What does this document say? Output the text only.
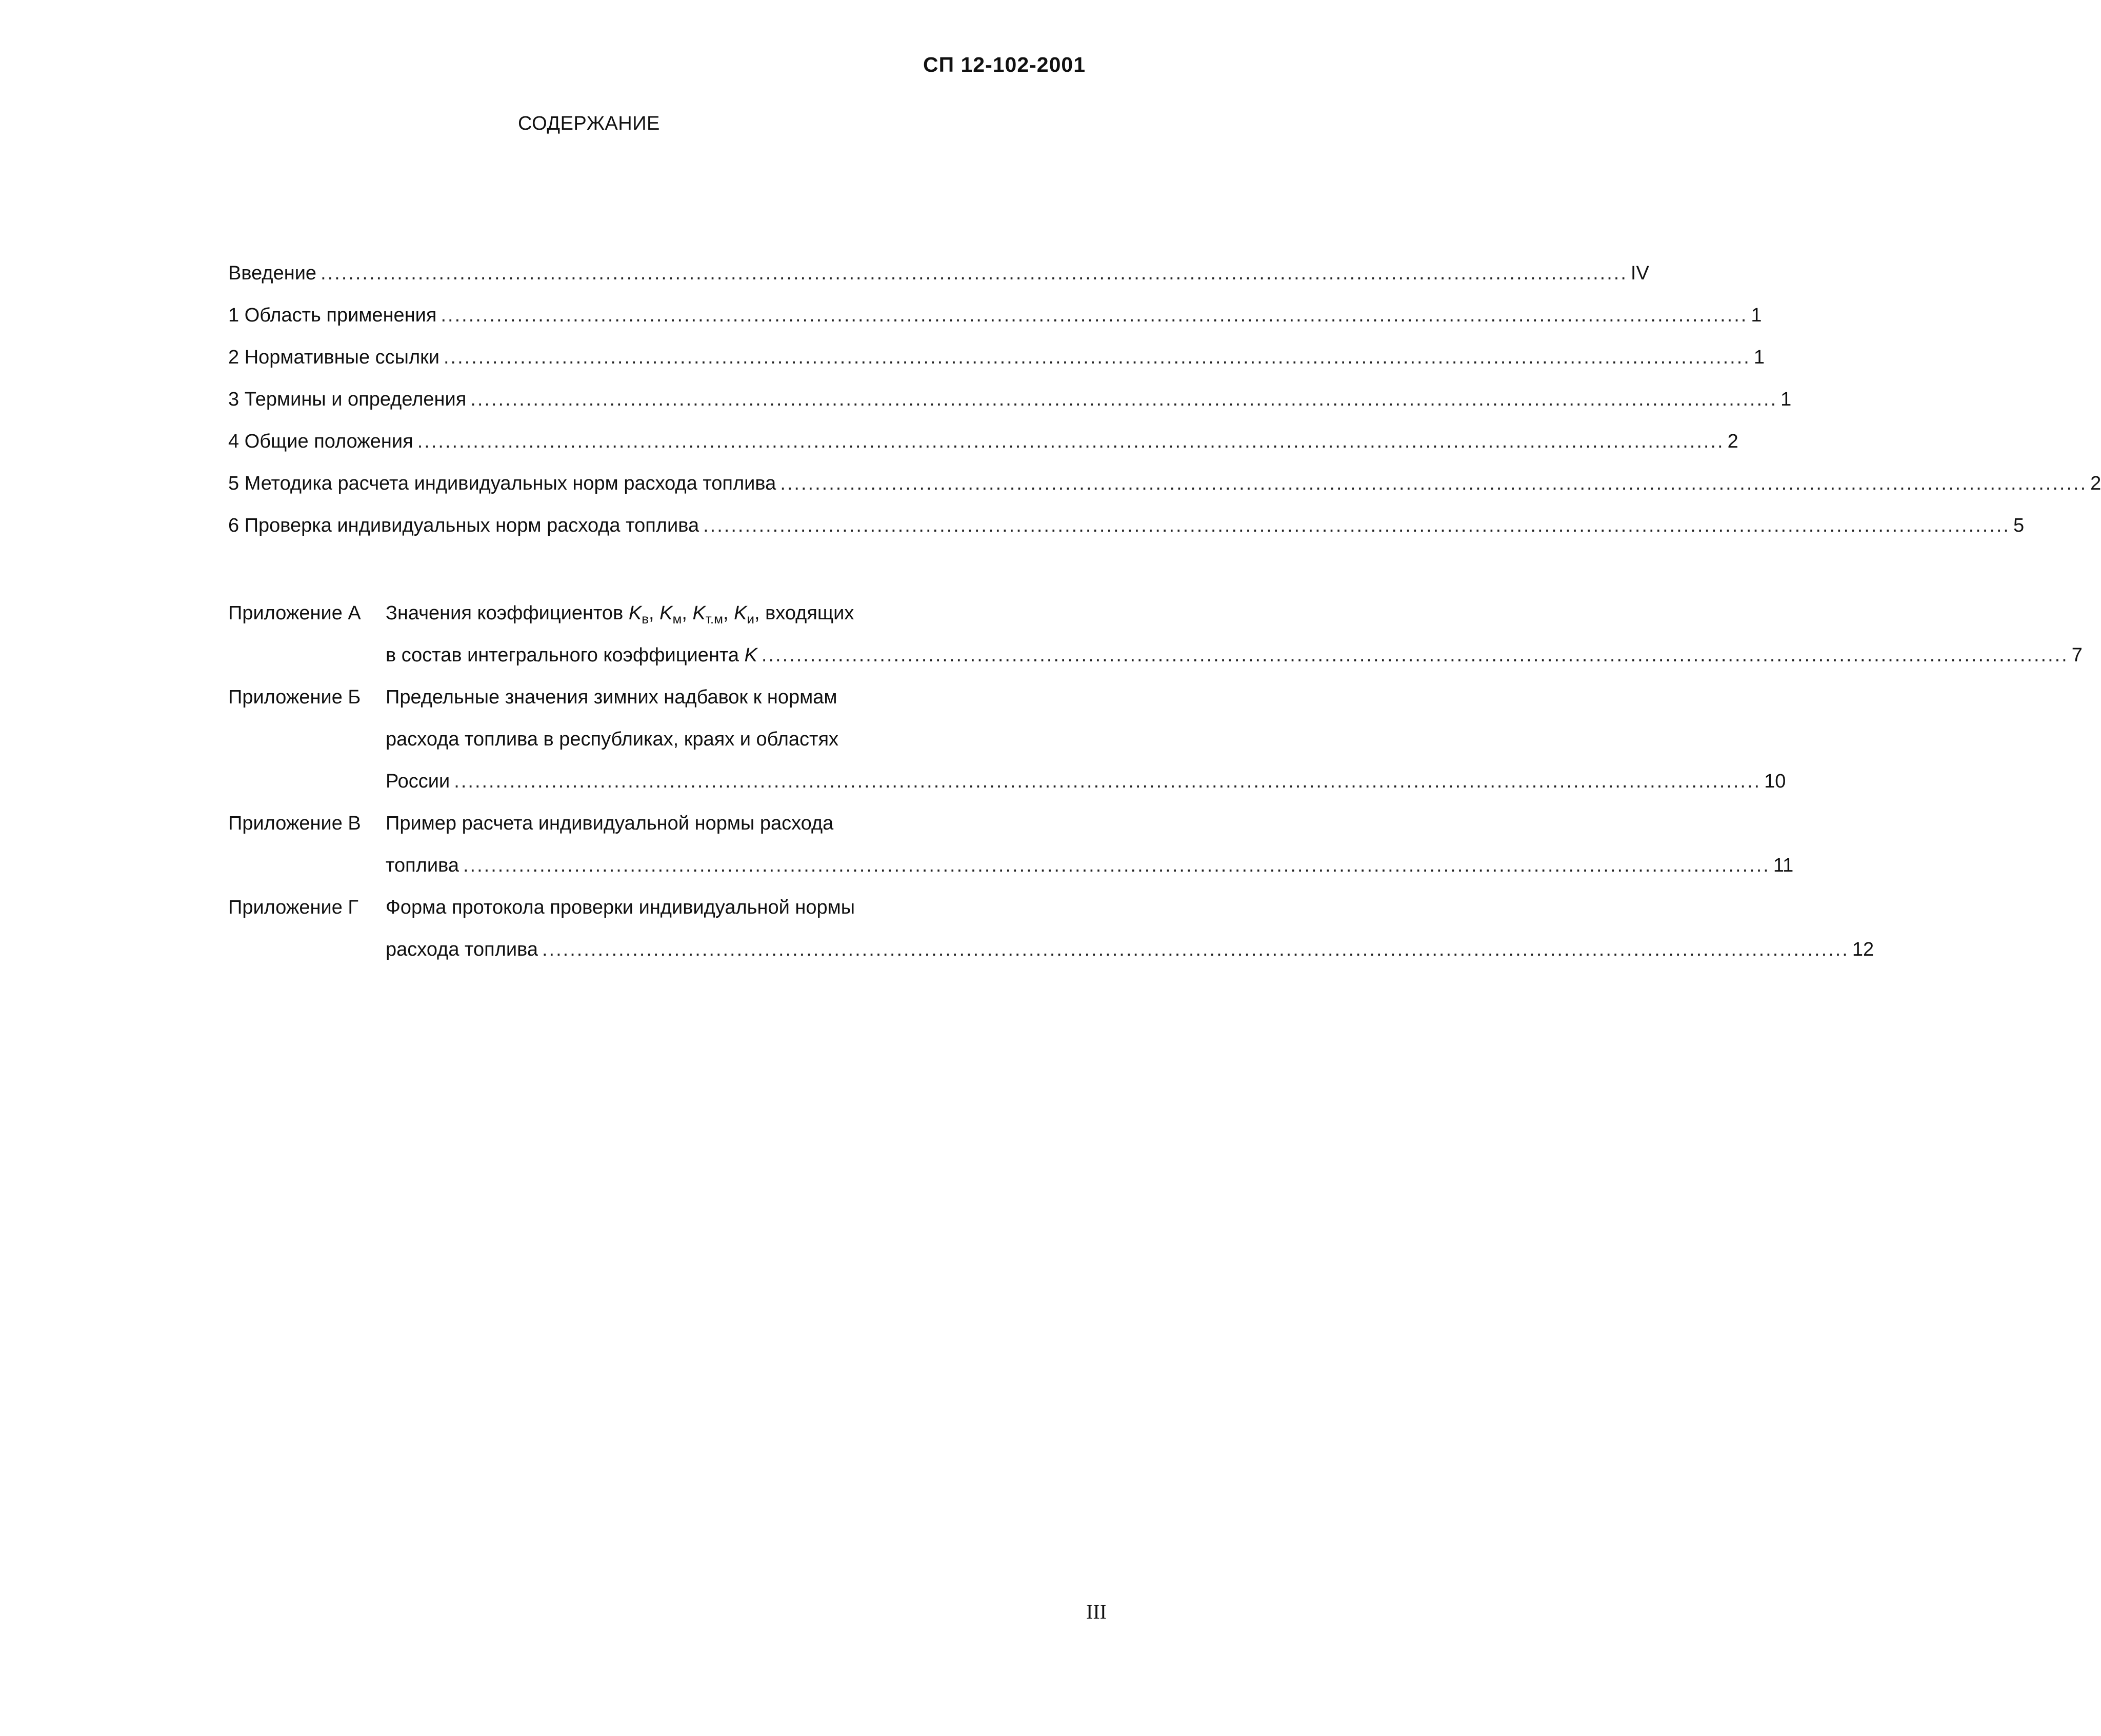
СП 12-102-2001
СОДЕРЖАНИЕ
Введение ............................................................................................................................................................................................ IV
1 Область применения ............................................................................................................................................................................................ 1
2 Нормативные ссылки ............................................................................................................................................................................................ 1
3 Термины и определения ............................................................................................................................................................................................ 1
4 Общие положения ............................................................................................................................................................................................ 2
5 Методика расчета индивидуальных норм расхода топлива ............................................................................................................................................................................................ 2
6 Проверка индивидуальных норм расхода топлива ............................................................................................................................................................................................ 5
Приложение А Значения коэффициентов $K_в$, $K_м$, $K_{т.м}$, $K_и$, входящих
в состав интегрального коэффициента K ............................................................................................................................................................................................ 7
Приложение Б Предельные значения зимних надбавок к нормам
расхода топлива в республиках, краях и областях
России ............................................................................................................................................................................................ 10
Приложение В Пример расчета индивидуальной нормы расхода
топлива ............................................................................................................................................................................................ 11
Приложение Г Форма протокола проверки индивидуальной нормы
расхода топлива ............................................................................................................................................................................................ 12
III
